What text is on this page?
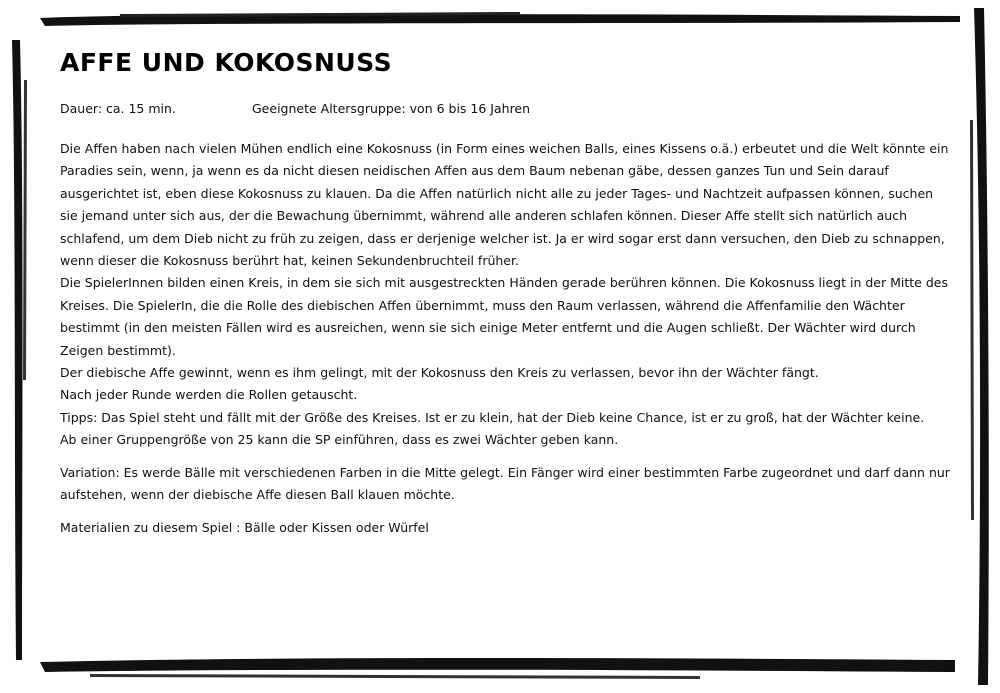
AFFE UND KOKOSNUSS
Dauer: ca. 15 min.	Geeignete Altersgruppe: von 6 bis 16 Jahren

Die Affen haben nach vielen Mühen endlich eine Kokosnuss (in Form eines weichen Balls, eines Kissens o.ä.) erbeutet und die Welt könnte ein Paradies sein, wenn, ja wenn es da nicht diesen neidischen Affen aus dem Baum nebenan gäbe, dessen ganzes Tun und Sein darauf ausgerichtet ist, eben diese Kokosnuss zu klauen. Da die Affen natürlich nicht alle zu jeder Tages- und Nachtzeit aufpassen können, suchen sie jemand unter sich aus, der die Bewachung übernimmt, während alle anderen schlafen können. Dieser Affe stellt sich natürlich auch schlafend, um dem Dieb nicht zu früh zu zeigen, dass er derjenige welcher ist. Ja er wird sogar erst dann versuchen, den Dieb zu schnappen, wenn dieser die Kokosnuss berührt hat, keinen Sekundenbruchteil früher.

Die SpielerInnen bilden einen Kreis, in dem sie sich mit ausgestreckten Händen gerade berühren können. Die Kokosnuss liegt in der Mitte des Kreises. Die SpielerIn, die die Rolle des diebischen Affen übernimmt, muss den Raum verlassen, während die Affenfamilie den Wächter bestimmt (in den meisten Fällen wird es ausreichen, wenn sie sich einige Meter entfernt und die Augen schließt. Der Wächter wird durch Zeigen bestimmt).

Der diebische Affe gewinnt, wenn es ihm gelingt, mit der Kokosnuss den Kreis zu verlassen, bevor ihn der Wächter fängt.

Nach jeder Runde werden die Rollen getauscht.

Tipps: Das Spiel steht und fällt mit der Größe des Kreises. Ist er zu klein, hat der Dieb keine Chance, ist er zu groß, hat der Wächter keine.

Ab einer Gruppengröße von 25 kann die SP einführen, dass es zwei Wächter geben kann.

Variation: Es werde Bälle mit verschiedenen Farben in die Mitte gelegt. Ein Fänger wird einer bestimmten Farbe zugeordnet und darf dann nur aufstehen, wenn der diebische Affe diesen Ball klauen möchte.

Materialien zu diesem Spiel : Bälle oder Kissen oder Würfel
